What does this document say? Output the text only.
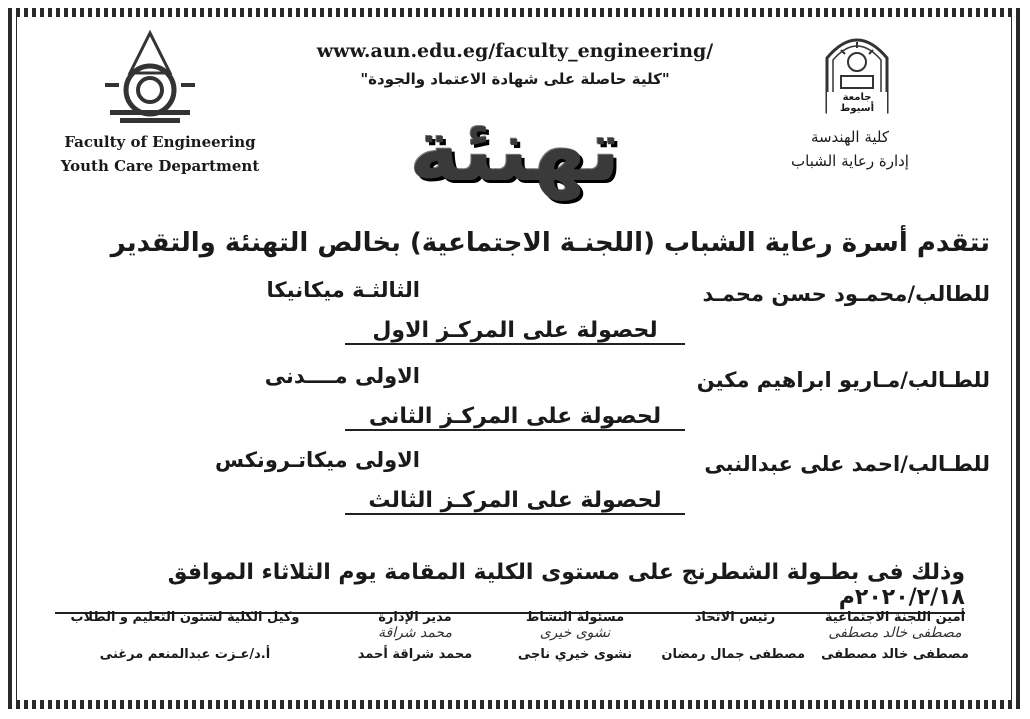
جامعة أسيوط
Faculty of Engineering
Youth Care Department
كلية الهندسة
إدارة رعاية الشباب
www.aun.edu.eg/faculty_engineering/
"كلية حاصلة على شهادة الاعتماد والجودة"
تهنئة
تتقدم أسرة رعاية الشباب (اللجنـة الاجتماعية) بخالص التهنئة والتقدير
للطالب/محمـود حسن محمـد
الثالثـة ميكانيكا
لحصولة على المركـز الاول
للطـالب/مـاريو ابراهيم مكين
الاولى مــــدنى
لحصولة على المركـز الثانى
للطـالب/احمد على عبدالنبى
الاولى ميكاتـرونكس
لحصولة على المركـز الثالث
وذلك فى بطـولة الشطرنج على مستوى الكلية المقامة يوم الثلاثاء الموافق ٢٠٢٠/٢/١٨م
أمين اللجنة الاجتماعية
مصطفى خالد مصطفى
مصطفى خالد مصطفى
رئيس الاتحاد
مصطفى جمال رمضان
مسئولة النشاط
نشوى خيرى
نشوى خيري ناجى
مدير الإدارة
محمد شراقة
محمد شراقة أحمد
وكيل الكلية لشئون التعليم و الطلاب
أ.د/عـزت عبدالمنعم مرغنى
